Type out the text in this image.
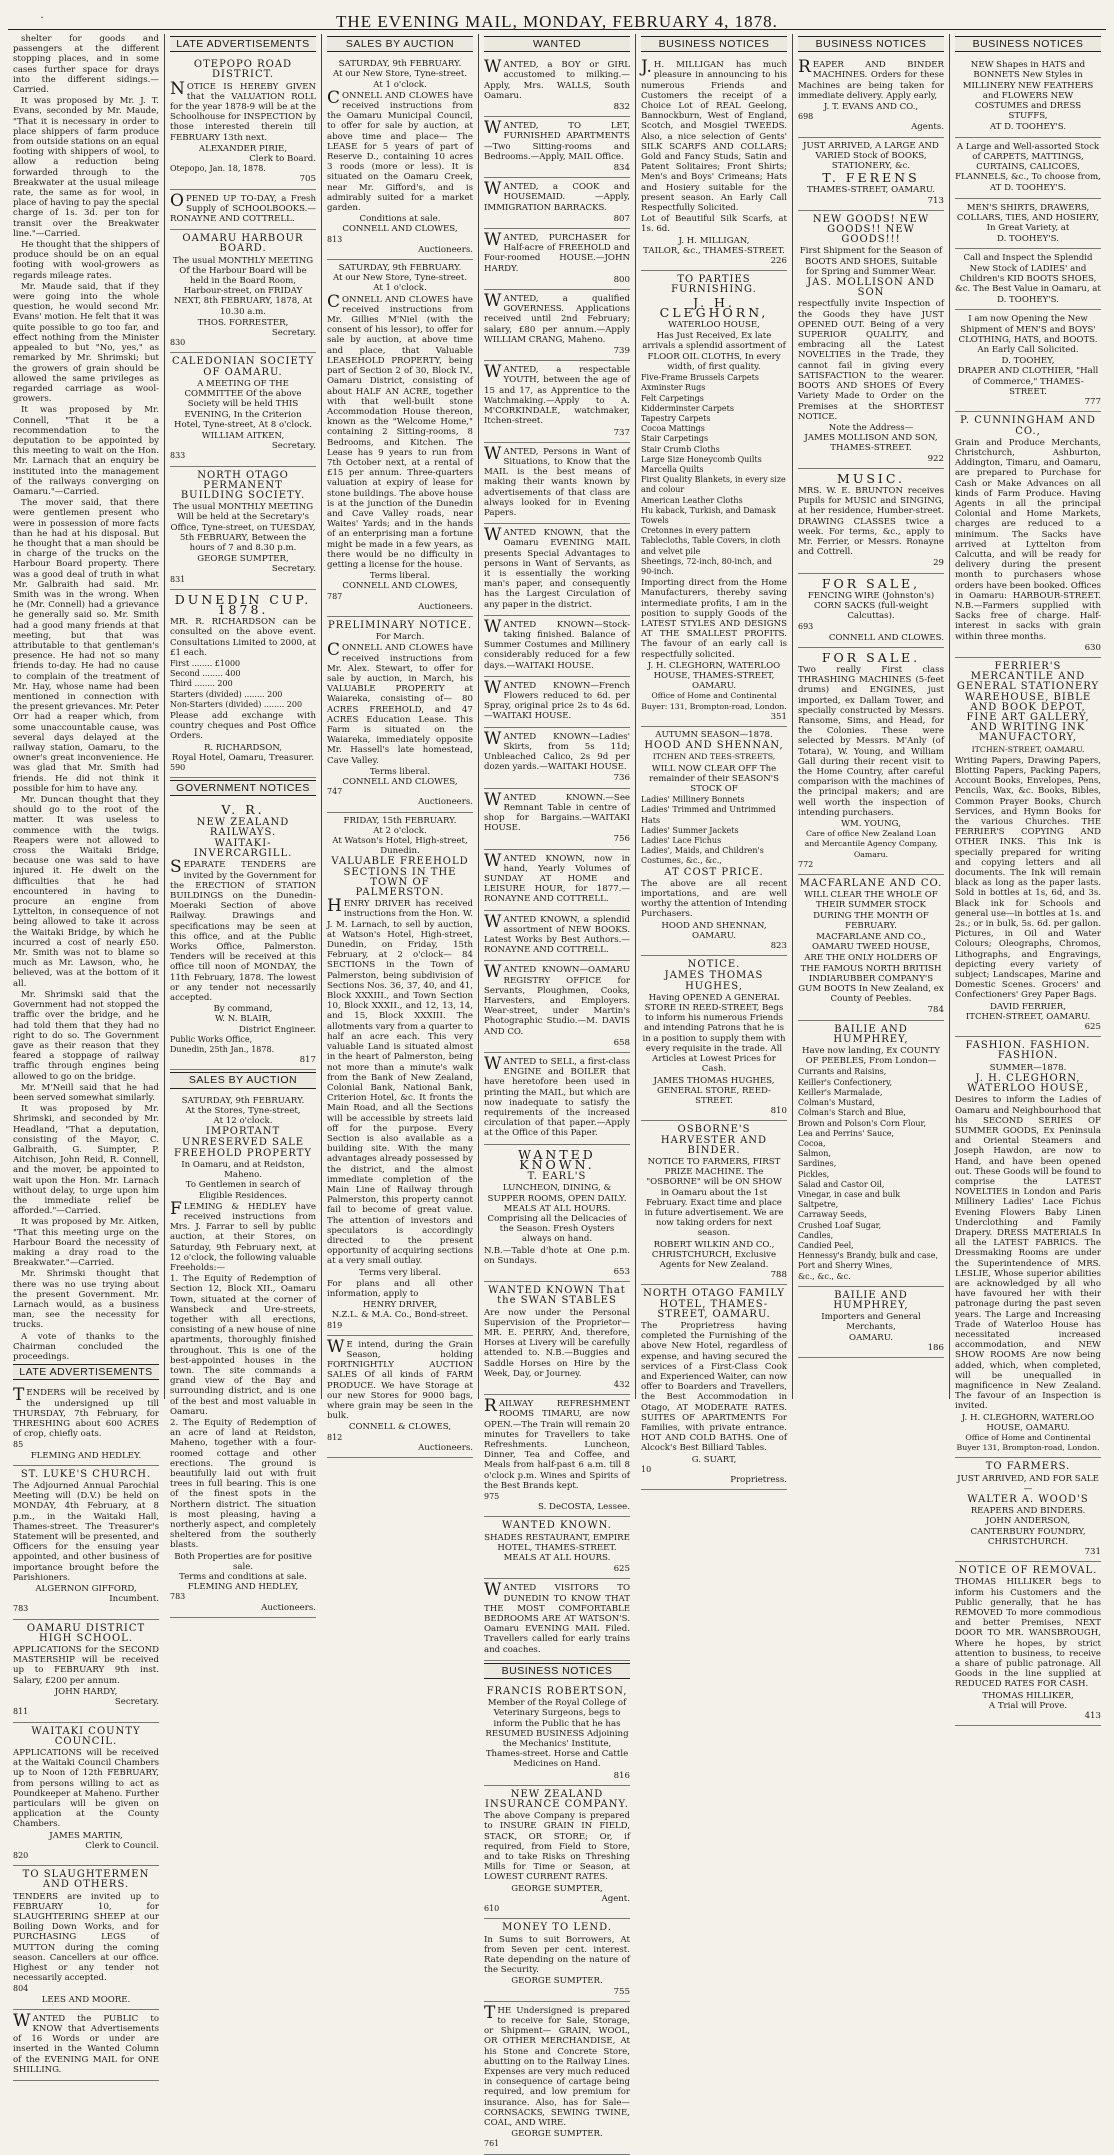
·	THE EVENING MAIL, MONDAY, FEBRUARY 4, 1878.

shelter for goods and passengers at the different stopping places, and in some cases further space for drays into the different sidings.—Carried.

It was proposed by Mr. J. T. Evans, seconded by Mr. Maude, "That it is necessary in order to place shippers of farm produce from outside stations on an equal footing with shippers of wool, to allow a reduction being forwarded through to the Breakwater at the usual mileage rate, the same as for wool, in place of having to pay the special charge of 1s. 3d. per ton for transit over the Breakwater line."—Carried.

He thought that the shippers of produce should be on an equal footing with wool-growers as regards mileage rates.

Mr. Maude said, that if they were going into the whole question, he would second Mr. Evans' motion. He felt that it was quite possible to go too far, and effect nothing from the Minister appealed to but "No, yes," as remarked by Mr. Shrimski; but the growers of grain should be allowed the same privileges as regarded carriage as wool-growers.

It was proposed by Mr. Connell, "That it be a recommendation to the deputation to be appointed by this meeting to wait on the Hon. Mr. Larnach that an enquiry be instituted into the management of the railways converging on Oamaru."—Carried.

The mover said, that there were gentlemen present who were in possession of more facts than he had at his disposal. But he thought that a man should be in charge of the trucks on the Harbour Board property. There was a good deal of truth in what Mr. Galbraith had said. Mr. Smith was in the wrong. When he (Mr. Connell) had a grievance he generally said so. Mr. Smith had a good many friends at that meeting, but that was attributable to that gentleman's presence. He had not so many friends to-day. He had no cause to complain of the treatment of Mr. Hay, whose name had been mentioned in connection with the present grievances. Mr. Peter Orr had a reaper which, from some unaccountable cause, was several days delayed at the railway station, Oamaru, to the owner's great inconvenience. He was glad that Mr. Smith had friends. He did not think it possible for him to have any.

Mr. Duncan thought that they should go to the root of the matter. It was useless to commence with the twigs. Reapers were not allowed to cross the Waitaki Bridge, because one was said to have injured it. He dwelt on the difficulties that he had encountered in having to procure an engine from Lyttelton, in consequence of not being allowed to take it across the Waitaki Bridge, by which he incurred a cost of nearly £50. Mr. Smith was not to blame so much as Mr. Lawson, who, he believed, was at the bottom of it all.

Mr. Shrimski said that the Government had not stopped the traffic over the bridge, and he had told them that they had no right to do so. The Government gave as their reason that they feared a stoppage of railway traffic through engines being allowed to go on the bridge.

Mr. M'Neill said that he had been served somewhat similarly.

It was proposed by Mr. Shrimski, and seconded by Mr. Headland, "That a deputation, consisting of the Mayor, C. Galbraith, G. Sumpter, P. Aitchison, John Reid, R. Connell, and the mover, be appointed to wait upon the Hon. Mr. Larnach without delay, to urge upon him the immediate relief be afforded."—Carried.

It was proposed by Mr. Aitken, "That this meeting urge on the Harbour Board the necessity of making a dray road to the Breakwater."—Carried.

Mr. Shrimski thought that there was no use trying about the present Government. Mr. Larnach would, as a business man, see the necessity for trucks.

A vote of thanks to the Chairman concluded the proceedings.

LATE ADVERTISEMENTS

TENDERS will be received by the undersigned up till THURSDAY, 7th February, for THRESHING about 600 ACRES of crop, chiefly oats.

85
FLEMING AND HEDLEY.
ST. LUKE'S CHURCH.

The Adjourned Annual Parochial Meeting will (D.V.) be held on MONDAY, 4th February, at 8 p.m., in the Waitaki Hall, Thames-street. The Treasurer's Statement will be presented, and Officers for the ensuing year appointed, and other business of importance brought before the Parishioners.

ALGERNON GIFFORD,
Incumbent.
783
OAMARU DISTRICT HIGH SCHOOL.

APPLICATIONS for the SECOND MASTERSHIP will be received up to FEBRUARY 9th inst. Salary, £200 per annum.

JOHN HARDY,
Secretary.
811
WAITAKI COUNTY COUNCIL.

APPLICATIONS will be received at the Waitaki Council Chambers up to Noon of 12th FEBRUARY, from persons willing to act as Poundkeeper at Maheno. Further particulars will be given on application at the County Chambers.

JAMES MARTIN,
Clerk to Council.
820
TO SLAUGHTERMEN AND OTHERS.

TENDERS are invited up to FEBRUARY 10, for SLAUGHTERING SHEEP at our Boiling Down Works, and for PURCHASING LEGS of MUTTON during the coming season. Cancellers at our office. Highest or any tender not necessarily accepted.

804
LEES AND MOORE.

WANTED the PUBLIC to KNOW that Advertisements of 16 Words or under are inserted in the Wanted Column of the EVENING MAIL for ONE SHILLING.

LATE ADVERTISEMENTS
OTEPOPO ROAD DISTRICT.

NOTICE IS HEREBY GIVEN that the VALUATION ROLL for the year 1878-9 will be at the Schoolhouse for INSPECTION by those interested therein till FEBRUARY 13th next.

ALEXANDER PIRIE,
Clerk to Board.
Otepopo, Jan. 18, 1878.
705

OPENED UP TO-DAY, a Fresh Supply of SCHOOLBOOKS.—RONAYNE AND COTTRELL.

OAMARU HARBOUR BOARD.

The usual MONTHLY MEETING Of the Harbour Board will be held in the Board Room, Harbour-street, on FRIDAY NEXT, 8th FEBRUARY, 1878, At 10.30 a.m.

THOS. FORRESTER,
Secretary.
830
CALEDONIAN SOCIETY OF OAMARU.

A MEETING OF THE COMMITTEE Of the above Society will be held THIS EVENING, In the Criterion Hotel, Tyne-street, At 8 o'clock.

WILLIAM AITKEN,
Secretary.
833
NORTH OTAGO PERMANENT BUILDING SOCIETY.

The usual MONTHLY MEETING Will be held at the Secretary's Office, Tyne-street, on TUESDAY, 5th FEBRUARY, Between the hours of 7 and 8.30 p.m.

GEORGE SUMPTER,
Secretary.
831
DUNEDIN CUP. 1878.

MR. R. RICHARDSON can be consulted on the above event. Consultations Limited to 2000, at £1 each.

First ........ £1000
Second ........ 400
Third ........ 200
Starters (divided) ........ 200
Non-Starters (divided) ........ 200

Please add exchange with country cheques and Post Office Orders.

R. RICHARDSON,
Royal Hotel, Oamaru, Treasurer.
590
GOVERNMENT NOTICES
V. R.
NEW ZEALAND RAILWAYS.
WAITAKI-INVERCARGILL.

SEPARATE TENDERS are invited by the Government for the ERECTION of STATION BUILDINGS on the Dunedin-Moeraki Section of above Railway. Drawings and specifications may be seen at this office, and at the Public Works Office, Palmerston. Tenders will be received at this office till noon of MONDAY, the 11th February, 1878. The lowest or any tender not necessarily accepted.

By command,
W. N. BLAIR,
District Engineer.
Public Works Office,
Dunedin, 25th Jan., 1878.
817
SALES BY AUCTION
SATURDAY, 9th FEBRUARY.
At the Stores, Tyne-street,
At 12 o'clock.
IMPORTANT UNRESERVED SALE
FREEHOLD PROPERTY
In Oamaru, and at Reidston, Maheno.
To Gentlemen in search of Eligible Residences.

FLEMING & HEDLEY have received instructions from Mrs. J. Farrar to sell by public auction, at their Stores, on Saturday, 9th February next, at 12 o'clock, the following valuable Freeholds:—

1. The Equity of Redemption of Section 12, Block XII., Oamaru Town, situated at the corner of Wansbeck and Ure-streets, together with all erections, consisting of a new house of nine apartments, thoroughly finished throughout. This is one of the best-appointed houses in the town. The site commands a grand view of the Bay and surrounding district, and is one of the best and most valuable in Oamaru.

2. The Equity of Redemption of an acre of land at Reidston, Maheno, together with a four-roomed cottage and other erections. The ground is beautifully laid out with fruit trees in full bearing. This is one of the finest spots in the Northern district. The situation is most pleasing, having a northerly aspect, and completely sheltered from the southerly blasts.

Both Properties are for positive sale.
Terms and conditions at sale.
FLEMING AND HEDLEY,
783
Auctioneers.
SALES BY AUCTION
SATURDAY, 9th FEBRUARY.
At our New Store, Tyne-street.
At 1 o'clock.

CONNELL AND CLOWES have received instructions from the Oamaru Municipal Council, to offer for sale by auction, at above time and place— The LEASE for 5 years of part of Reserve D., containing 10 acres 3 roods (more or less). It is situated on the Oamaru Creek, near Mr. Gifford's, and is admirably suited for a market garden.

Conditions at sale.
CONNELL AND CLOWES,
813
Auctioneers.
SATURDAY, 9th FEBRUARY.
At our New Store, Tyne-street.
At 1 o'clock.

CONNELL AND CLOWES have received instructions from Mr. Gillies M'Niel (with the consent of his lessor), to offer for sale by auction, at above time and place, that Valuable LEASEHOLD PROPERTY, being part of Section 2 of 30, Block IV., Oamaru District, consisting of about HALF AN ACRE, together with that well-built stone Accommodation House thereon, known as the "Welcome Home," containing 2 Sitting-rooms, 8 Bedrooms, and Kitchen. The Lease has 9 years to run from 7th October next, at a rental of £15 per annum. Three-quarters valuation at expiry of lease for stone buildings. The above house is at the junction of the Dunedin and Cave Valley roads, near Waites' Yards; and in the hands of an enterprising man a fortune might be made in a few years, as there would be no difficulty in getting a license for the house.

Terms liberal.
CONNELL AND CLOWES,
787
Auctioneers.
PRELIMINARY NOTICE.
For March.

CONNELL AND CLOWES have received instructions from Mr. Alex. Stewart, to offer for sale by auction, in March, his VALUABLE PROPERTY at Waiareka, consisting of— 80 ACRES FREEHOLD, and 47 ACRES Education Lease. This Farm is situated on the Waiareka, immediately opposite Mr. Hassell's late homestead, Cave Valley.

Terms liberal.
CONNELL AND CLOWES,
747
Auctioneers.
FRIDAY, 15th FEBRUARY.
At 2 o'clock.
At Watson's Hotel, High-street, Dunedin.
VALUABLE FREEHOLD SECTIONS IN THE TOWN OF PALMERSTON.

HENRY DRIVER has received instructions from the Hon. W. J. M. Larnach, to sell by auction, at Watson's Hotel, High-street, Dunedin, on Friday, 15th February, at 2 o'clock— 84 SECTIONS in the Town of Palmerston, being subdivision of Sections Nos. 36, 37, 40, and 41, Block XXXIII., and Town Section 10, Block XXXII., and 12, 13, 14, and 15, Block XXXIII. The allotments vary from a quarter to half an acre each. This very valuable Land is situated almost in the heart of Palmerston, being not more than a minute's walk from the Bank of New Zealand, Colonial Bank, National Bank, Criterion Hotel, &c. It fronts the Main Road, and all the Sections will be accessible by streets laid off for the purpose. Every Section is also available as a building site. With the many advantages already possessed by the district, and the almost immediate completion of the Main Line of Railway through Palmerston, this property cannot fail to become of great value. The attention of investors and speculators is accordingly directed to the present opportunity of acquiring sections at a very small outlay.

Terms very liberal.

For plans and all other information, apply to

HENRY DRIVER,
N.Z.L. & M.A. Co., Bond-street.
819

WE intend, during the Grain Season, holding FORTNIGHTLY AUCTION SALES Of all kinds of FARM PRODUCE. We have Storage at our new Stores for 9000 bags, where grain may be seen in the bulk.

CONNELL & CLOWES,
812
Auctioneers.
WANTED

WANTED, a BOY or GIRL accustomed to milking.—Apply, Mrs. WALLS, South Oamaru.

832

WANTED, TO LET, FURNISHED APARTMENTS—Two Sitting-rooms and Bedrooms.—Apply, MAIL Office.

834

WANTED, a COOK and HOUSEMAID. —Apply, IMMIGRATION BARRACKS.

807

WANTED, PURCHASER for Half-acre of FREEHOLD and Four-roomed HOUSE.—JOHN HARDY.

800

WANTED, a qualified GOVERNESS. Applications received until 2nd February; salary, £80 per annum.—Apply WILLIAM CRANG, Maheno.

739

WANTED, a respectable YOUTH, between the age of 15 and 17, as Apprentice to the Watchmaking.—Apply to A. M'CORKINDALE, watchmaker, Itchen-street.

737

WANTED, Persons in Want of Situations, to Know that the MAIL is the best means of making their wants known by advertisements of that class are always looked for in Evening Papers.

WANTED KNOWN, that the Oamaru EVENING MAIL presents Special Advantages to persons in Want of Servants, as it is essentially the working man's paper, and consequently has the Largest Circulation of any paper in the district.

WANTED KNOWN—Stock-taking finished. Balance of Summer Costumes and Millinery considerably reduced for a few days.—WAITAKI HOUSE.

WANTED KNOWN—French Flowers reduced to 6d. per Spray, original price 2s to 4s 6d.—WAITAKI HOUSE.

WANTED KNOWN—Ladies' Skirts, from 5s 11d; Unbleached Calico, 2s 9d per dozen yards.—WAITAKI HOUSE.

736

WANTED KNOWN.—See Remnant Table in centre of shop for Bargains.—WAITAKI HOUSE.

756

WANTED KNOWN, now in hand, Yearly Volumes of SUNDAY AT HOME and LEISURE HOUR, for 1877.—RONAYNE AND COTTRELL.

WANTED KNOWN, a splendid assortment of NEW BOOKS. Latest Works by Best Authors.—RONAYNE AND COTTRELL.

WANTED KNOWN—OAMARU REGISTRY OFFICE for Servants, Ploughmen, Cooks, Harvesters, and Employers. Wear-street, under Martin's Photographic Studio.—M. DAVIS AND CO.

658

WANTED to SELL, a first-class ENGINE and BOILER that have heretofore been used in printing the MAIL, but which are now inadequate to satisfy the requirements of the increased circulation of that paper.—Apply at the Office of this Paper.

WANTED KNOWN.
T. EARL'S

LUNCHEON, DINING, & SUPPER ROOMS, OPEN DAILY. MEALS AT ALL HOURS. Comprising all the Delicacies of the Season. Fresh Oysters always on hand.

N.B.—Table d'hote at One p.m. on Sundays.

653
WANTED KNOWN That the SWAN STABLES

Are now under the Personal Supervision of the Proprietor— MR. E. PERRY, And, therefore, Horses at Livery will be carefully attended to. N.B.—Buggies and Saddle Horses on Hire by the Week, Day, or Journey.

432

RAILWAY REFRESHMENT ROOMS TIMARU, are now OPEN.—The Train will remain 20 minutes for Travellers to take Refreshments. Luncheon, Dinner, Tea and Coffee, and Meals from half-past 6 a.m. till 8 o'clock p.m. Wines and Spirits of the Best Brands kept.

975
S. DeCOSTA, Lessee.
WANTED KNOWN.

SHADES RESTAURANT, EMPIRE HOTEL, THAMES-STREET. MEALS AT ALL HOURS.

625

WANTED VISITORS TO DUNEDIN TO KNOW THAT THE MOST COMFORTABLE BEDROOMS ARE AT WATSON'S. Oamaru EVENING MAIL Filed. Travellers called for early trains and coaches.

BUSINESS NOTICES
FRANCIS ROBERTSON,

Member of the Royal College of Veterinary Surgeons, begs to inform the Public that he has RESUMED BUSINESS Adjoining the Mechanics' Institute, Thames-street. Horse and Cattle Medicines on Hand.

816
NEW ZEALAND INSURANCE COMPANY.

The above Company is prepared to INSURE GRAIN IN FIELD, STACK, OR STORE; Or, if required, from Field to Store, and to take Risks on Threshing Mills for Time or Season, at LOWEST CURRENT RATES.

GEORGE SUMPTER,
Agent.
610
MONEY TO LEND.

In Sums to suit Borrowers, At from Seven per cent. interest. Rate depending on the nature of the Security.

GEORGE SUMPTER.
755

THE Undersigned is prepared to receive for Sale, Storage, or Shipment— GRAIN, WOOL, OR OTHER MERCHANDISE, At his Stone and Concrete Store, abutting on to the Railway Lines. Expenses are very much reduced in consequence of cartage being required, and low premium for insurance. Also, has for Sale— CORNSACKS, SEWING TWINE, COAL, AND WIRE.

GEORGE SUMPTER.
761
BUSINESS NOTICES

J.H. MILLIGAN has much pleasure in announcing to his numerous Friends and Customers the receipt of a Choice Lot of REAL Geelong, Bannockburn, West of England, Scotch, and Mosgiel TWEEDS. Also, a nice selection of Gents' SILK SCARFS AND COLLARS; Gold and Fancy Studs, Satin and Patent Solitaires; Front Shirts; Men's and Boys' Crimeans; Hats and Hosiery suitable for the present season. An Early Call Respectfully Solicited.

Lot of Beautiful Silk Scarfs, at 1s. 6d.

J. H. MILLIGAN,
TAILOR, &c., THAMES-STREET.
226
TO PARTIES FURNISHING.
J. H. CLEGHORN,
WATERLOO HOUSE,

Has Just Received, Ex late arrivals a splendid assortment of FLOOR OIL CLOTHS, In every width, of first quality.

Five-Frame Brussels Carpets
Axminster Rugs
Felt Carpetings
Kidderminster Carpets
Tapestry Carpets
Cocoa Mattings
Stair Carpetings
Stair Crumb Cloths
Large Size Honeycomb Quilts
Marcella Quilts
First Quality Blankets, in every size and colour
American Leather Cloths
Hu kaback, Turkish, and Damask Towels
Cretonnes in every pattern
Tablecloths, Table Covers, in cloth and velvet pile
Sheetings, 72-inch, 80-inch, and 90-inch.

Importing direct from the Home Manufacturers, thereby saving intermediate profits, I am in the position to supply Goods of the LATEST STYLES AND DESIGNS AT THE SMALLEST PROFITS. The favour of an early call is respectfully solicited.

J. H. CLEGHORN, WATERLOO HOUSE, THAMES-STREET, OAMARU.
Office of Home and Continental Buyer: 131, Brompton-road, London.
351
AUTUMN SEASON—1878.
HOOD AND SHENNAN,
ITCHEN AND TEES-STREETS,

WILL NOW CLEAR OFF The remainder of their SEASON'S STOCK OF

Ladies' Millinery Bonnets
Ladies' Trimmed and Untrimmed Hats
Ladies' Summer Jackets
Ladies' Lace Fichus
Ladies', Maids, and Children's Costumes, &c., &c.,
AT COST PRICE.

The above are all recent importations, and are well worthy the attention of Intending Purchasers.

HOOD AND SHENNAN,
OAMARU.
823
NOTICE.
JAMES THOMAS HUGHES,

Having OPENED A GENERAL STORE IN REED-STREET, Begs to inform his numerous Friends and intending Patrons that he is in a position to supply them with every requisite in the trade. All Articles at Lowest Prices for Cash.

JAMES THOMAS HUGHES,
GENERAL STORE, REED-STREET.
810
OSBORNE'S HARVESTER AND BINDER.

NOTICE TO FARMERS, FIRST PRIZE MACHINE. The "OSBORNE" will be ON SHOW in Oamaru about the 1st February. Exact time and place in future advertisement. We are now taking orders for next season.

ROBERT WILKIN AND CO.,
CHRISTCHURCH, Exclusive Agents for New Zealand.
788
NORTH OTAGO FAMILY HOTEL, THAMES-STREET, OAMARU.

The Proprietress having completed the Furnishing of the above New Hotel, regardless of expense, and having secured the services of a First-Class Cook and Experienced Waiter, can now offer to Boarders and Travellers, the Best Accommodation in Otago, AT MODERATE RATES. SUITES OF APARTMENTS For Families, with private entrance. HOT AND COLD BATHS. One of Alcock's Best Billiard Tables.

G. SUART,
10
Proprietress.
BUSINESS NOTICES

REAPER AND BINDER MACHINES. Orders for these Machines are being taken for immediate delivery. Apply early,

J. T. EVANS AND CO.,
698
Agents.
JUST ARRIVED, A LARGE AND VARIED Stock of BOOKS, STATIONERY, &c.
T. FERENS
THAMES-STREET, OAMARU.
713
NEW GOODS! NEW GOODS!! NEW GOODS!!!

First Shipment for the Season of BOOTS AND SHOES, Suitable for Spring and Summer Wear.

JAS. MOLLISON AND SON

respectfully invite Inspection of the Goods they have JUST OPENED OUT. Being of a very SUPERIOR QUALITY, and embracing all the Latest NOVELTIES in the Trade, they cannot fail in giving every SATISFACTION to the wearer. BOOTS AND SHOES Of Every Variety Made to Order on the Premises at the SHORTEST NOTICE.

Note the Address—
JAMES MOLLISON AND SON,
THAMES-STREET.
922
MUSIC.

MRS. W. E. BRUNTON receives Pupils for MUSIC and SINGING, at her residence, Humber-street. DRAWING CLASSES twice a week. For terms, &c., apply to Mr. Ferrier, or Messrs. Ronayne and Cottrell.

29
FOR SALE,

FENCING WIRE (Johnston's) CORN SACKS (full-weight Calcuttas).

693
CONNELL AND CLOWES.
FOR SALE.

Two really First class THRASHING MACHINES (5-feet drums) and ENGINES, just imported, ex Dallam Tower, and specially constructed by Messrs. Ransome, Sims, and Head, for the Colonies. These were selected by Messrs. M'Anly (of Totara), W. Young, and William Gall during their recent visit to the Home Country, after careful comparison with the machines of the principal makers; and are well worth the inspection of intending purchasers.

WM. YOUNG,
Care of office New Zealand Loan and Mercantile Agency Company, Oamaru.
772
MACFARLANE AND CO.

WILL CLEAR THE WHOLE OF THEIR SUMMER STOCK DURING THE MONTH OF FEBRUARY.

MACFARLANE AND CO., OAMARU TWEED HOUSE,

ARE THE ONLY HOLDERS OF THE FAMOUS NORTH BRITISH INDIARUBBER COMPANY'S GUM BOOTS In New Zealand, ex County of Peebles.

784
BAILIE AND HUMPHREY,

Have now landing, Ex COUNTY OF PEEBLES, From London—

Currants and Raisins,
Keiller's Confectionery,
Keiller's Marmalade,
Colman's Mustard,
Colman's Starch and Blue,
Brown and Polson's Corn Flour,
Lea and Perrins' Sauce,
Cocoa,
Salmon,
Sardines,
Pickles,
Salad and Castor Oil,
Vinegar, in case and bulk
Saltpetre,
Carraway Seeds,
Crushed Loaf Sugar,
Candles,
Candied Peel,
Hennessy's Brandy, bulk and case,
Port and Sherry Wines,
&c., &c., &c.
BAILIE AND HUMPHREY,
Importers and General Merchants,
OAMARU.
186
BUSINESS NOTICES

NEW Shapes in HATS and BONNETS New Styles in MILLINERY NEW FEATHERS and FLOWERS NEW COSTUMES and DRESS STUFFS,

AT D. TOOHEY'S.

A Large and Well-assorted Stock of CARPETS, MATTINGS, CURTAINS, CALICOES, FLANNELS, &c., To choose from,

AT D. TOOHEY'S.

MEN'S SHIRTS, DRAWERS, COLLARS, TIES, AND HOSIERY, In Great Variety, at

D. TOOHEY'S.

Call and Inspect the Splendid New Stock of LADIES' and Children's KID BOOTS SHOES, &c. The Best Value in Oamaru, at

D. TOOHEY'S.

I am now Opening the New Shipment of MEN'S and BOYS' CLOTHING, HATS, and BOOTS. An Early Call Solicited.

D. TOOHEY,
DRAPER AND CLOTHIER, "Hall of Commerce," THAMES-STREET.
777
P. CUNNINGHAM AND CO.,

Grain and Produce Merchants, Christchurch, Ashburton, Addington, Timaru, and Oamaru, are prepared to Purchase for Cash or Make Advances on all kinds of Farm Produce. Having Agents in all the principal Colonial and Home Markets, charges are reduced to a minimum. The Sacks have arrived at Lyttelton from Calcutta, and will be ready for delivery during the present month to purchasers whose orders have been booked. Offices in Oamaru: HARBOUR-STREET. N.B.—Farmers supplied with Sacks free of charge. Half-interest in sacks with grain within three months.

630
FERRIER'S MERCANTILE AND GENERAL STATIONERY WAREHOUSE, BIBLE AND BOOK DEPOT, FINE ART GALLERY, AND WRITING INK MANUFACTORY,
ITCHEN-STREET, OAMARU.

Writing Papers, Drawing Papers, Blotting Papers, Packing Papers, Account Books, Envelopes, Pens, Pencils, Wax, &c. Books, Bibles, Common Prayer Books, Church Services, and Hymn Books for the various Churches. THE FERRIER'S COPYING AND OTHER INKS. This Ink is specially prepared for writing and copying letters and all documents. The Ink will remain black as long as the paper lasts. Sold in bottles at 1s, 6d, and 3s. Black ink for Schools and general use—in bottles at 1s. and 2s.; or in bulk, 5s. 6d. per gallon. Pictures, in Oil and Water Colours; Oleographs, Chromos, Lithographs, and Engravings, depicting every variety of subject; Landscapes, Marine and Domestic Scenes. Grocers' and Confectioners' Grey Paper Bags.

DAVID FERRIER,
ITCHEN-STREET, OAMARU.
625
FASHION. FASHION. FASHION.
SUMMER—1878.
J. H. CLEGHORN, WATERLOO HOUSE,

Desires to inform the Ladies of Oamaru and Neighbourhood that his SECOND SERIES OF SUMMER GOODS, Ex Peninsula and Oriental Steamers and Joseph Hawdon, are now to Hand, and have been opened out. These Goods will be found to comprise the LATEST NOVELTIES in London and Paris Millinery Ladies' Lace Fichus Evening Flowers Baby Linen Underclothing and Family Drapery. DRESS MATERIALS In all the LATEST FABRICS. The Dressmaking Rooms are under the Superintendence of MRS. LESLIE, Whose superior abilities are acknowledged by all who have favoured her with their patronage during the past seven years. The Large and Increasing Trade of Waterloo House has necessitated increased accommodation, and NEW SHOW ROOMS Are now being added, which, when completed, will be unequalled in magnificence in New Zealand. The favour of an Inspection is invited.

J. H. CLEGHORN, WATERLOO HOUSE, OAMARU.
Office of Home and Continental Buyer 131, Brompton-road, London.
TO FARMERS.
JUST ARRIVED, AND FOR SALE—
WALTER A. WOOD'S
REAPERS AND BINDERS.
JOHN ANDERSON,
CANTERBURY FOUNDRY, CHRISTCHURCH.
731
NOTICE OF REMOVAL.

THOMAS HILLIKER begs to inform his Customers and the Public generally, that he has REMOVED To more commodious and better Premises, NEXT DOOR TO MR. WANSBROUGH, Where he hopes, by strict attention to business, to receive a share of public patronage. All Goods in the line supplied at REDUCED RATES FOR CASH.

THOMAS HILLIKER,
A Trial will Prove.
413
